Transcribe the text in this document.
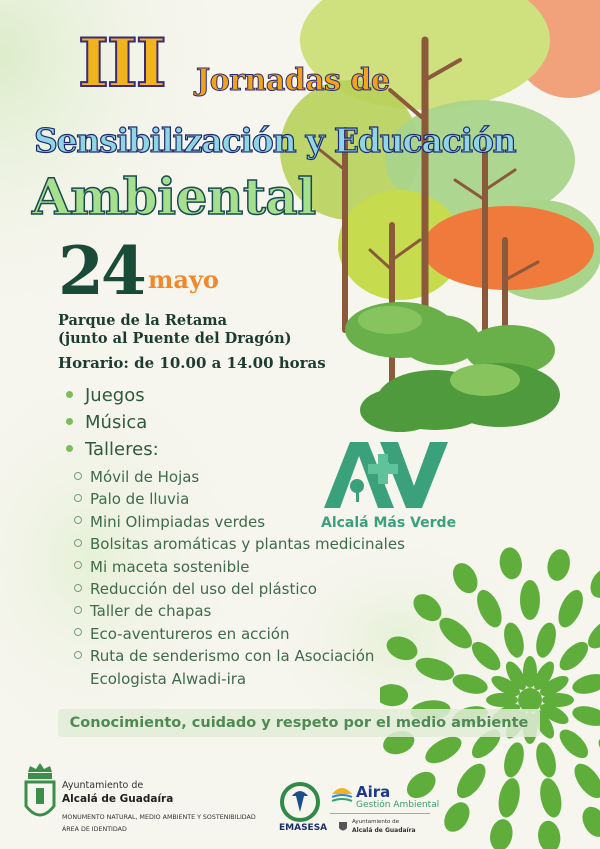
III Jornadas de
Sensibilización y Educación
Ambiental
24 mayo
Parque de la Retama
(junto al Puente del Dragón)
Horario: de 10.00 a 14.00 horas
Juegos
Música
Talleres:
Móvil de Hojas
Palo de lluvia
Mini Olimpiadas verdes
Bolsitas aromáticas y plantas medicinales
Mi maceta sostenible
Reducción del uso del plástico
Taller de chapas
Eco-aventureros en acción
Ruta de senderismo con la Asociación
Ecologista Alwadi-ira
Alcalá Más Verde
Conocimiento, cuidado y respeto por el medio ambiente
Ayuntamiento de
Alcalá de Guadaíra
MONUMENTO NATURAL, MEDIO AMBIENTE Y SOSTENIBILIDAD
ÁREA DE IDENTIDAD	EMASESA
Aira
Gestión Ambiental
Ayuntamiento de
Alcalá de Guadaíra
